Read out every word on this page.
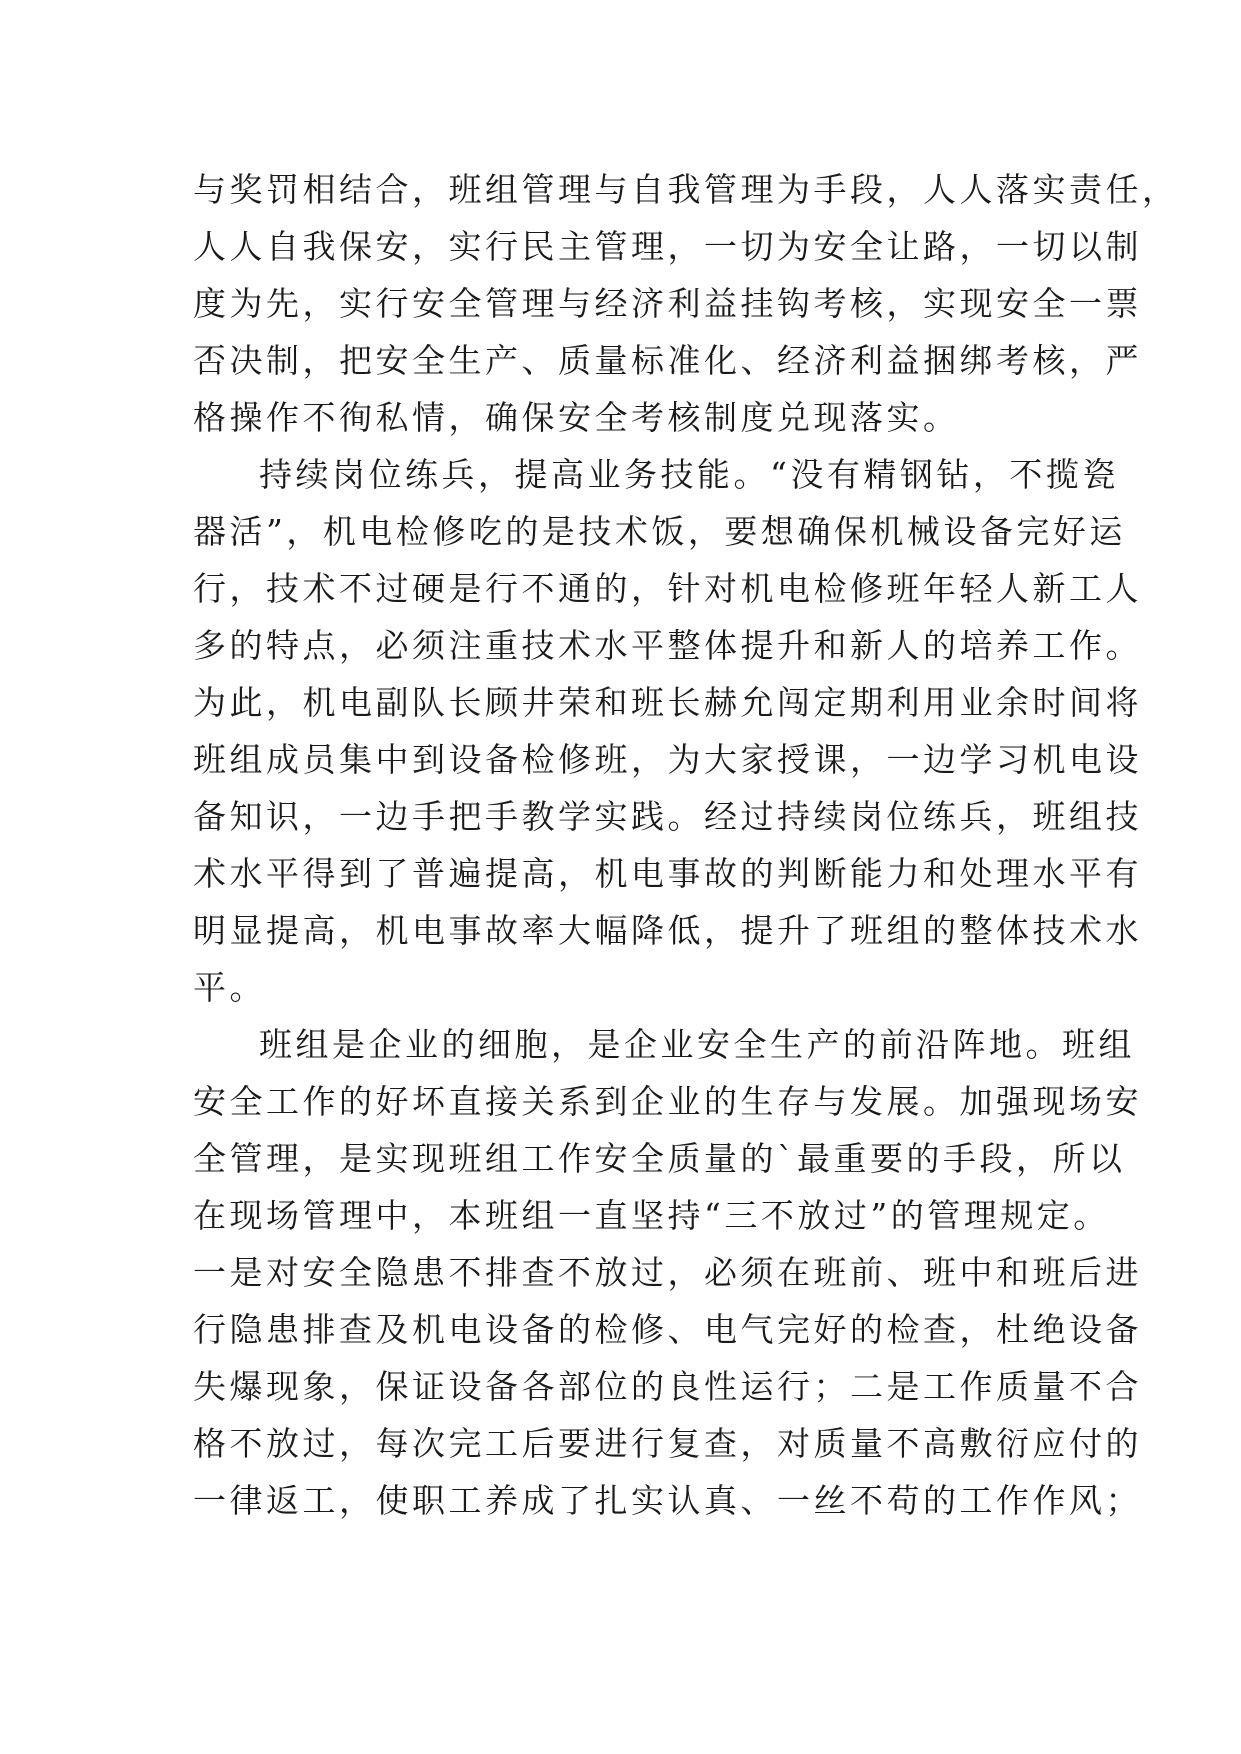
与奖罚相结合，班组管理与自我管理为手段，人人落实责任，

人人自我保安，实行民主管理，一切为安全让路，一切以制

度为先，实行安全管理与经济利益挂钩考核，实现安全一票

否决制，把安全生产、质量标准化、经济利益捆绑考核，严

格操作不徇私情，确保安全考核制度兑现落实。

持续岗位练兵，提高业务技能。“没有精钢钻，不揽瓷

器活”，机电检修吃的是技术饭，要想确保机械设备完好运

行，技术不过硬是行不通的，针对机电检修班年轻人新工人

多的特点，必须注重技术水平整体提升和新人的培养工作。

为此，机电副队长顾井荣和班长赫允闯定期利用业余时间将

班组成员集中到设备检修班，为大家授课，一边学习机电设

备知识，一边手把手教学实践。经过持续岗位练兵，班组技

术水平得到了普遍提高，机电事故的判断能力和处理水平有

明显提高，机电事故率大幅降低，提升了班组的整体技术水

平。

班组是企业的细胞，是企业安全生产的前沿阵地。班组

安全工作的好坏直接关系到企业的生存与发展。加强现场安

全管理，是实现班组工作安全质量的`最重要的手段，所以

在现场管理中，本班组一直坚持“三不放过”的管理规定。

一是对安全隐患不排查不放过，必须在班前、班中和班后进

行隐患排查及机电设备的检修、电气完好的检查，杜绝设备

失爆现象，保证设备各部位的良性运行；二是工作质量不合

格不放过，每次完工后要进行复查，对质量不高敷衍应付的

一律返工，使职工养成了扎实认真、一丝不苟的工作作风；
